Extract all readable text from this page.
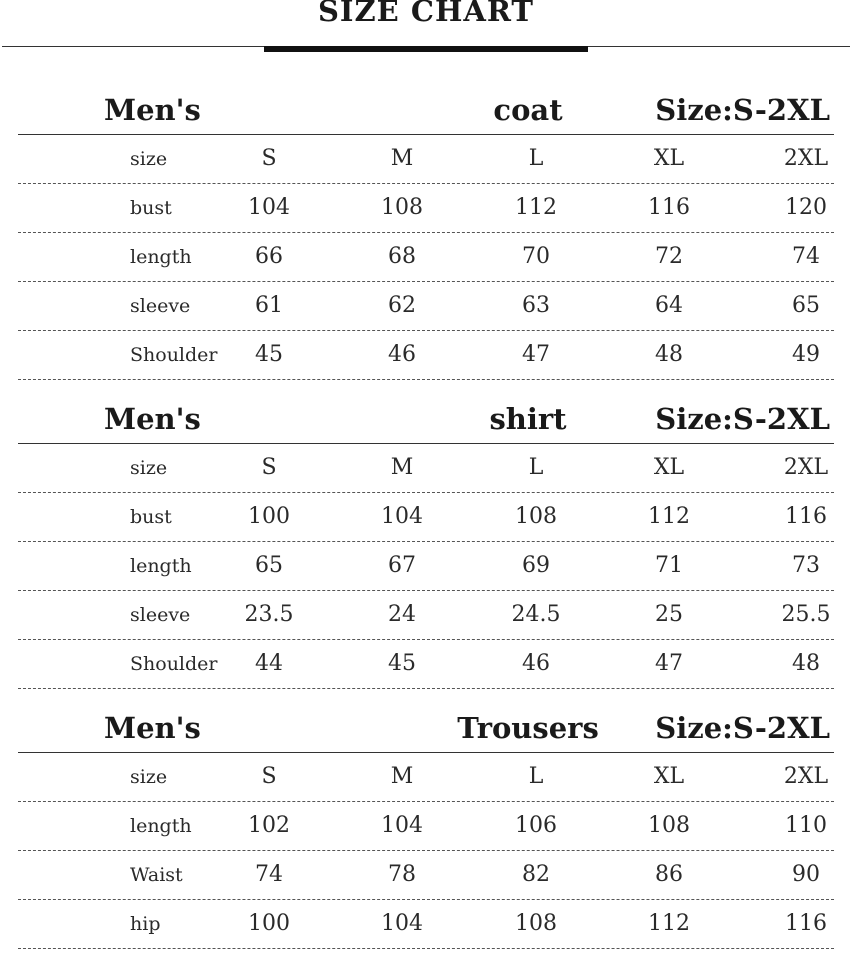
SIZE CHART
Men's	coat	Size:S-2XL
size	S	M	L	XL	2XL
bust	104	108	112	116	120
length	66	68	70	72	74
sleeve	61	62	63	64	65
Shoulder	45	46	47	48	49
Men's	shirt	Size:S-2XL
size	S	M	L	XL	2XL
bust	100	104	108	112	116
length	65	67	69	71	73
sleeve	23.5	24	24.5	25	25.5
Shoulder	44	45	46	47	48
Men's	Trousers	Size:S-2XL
size	S	M	L	XL	2XL
length	102	104	106	108	110
Waist	74	78	82	86	90
hip	100	104	108	112	116
